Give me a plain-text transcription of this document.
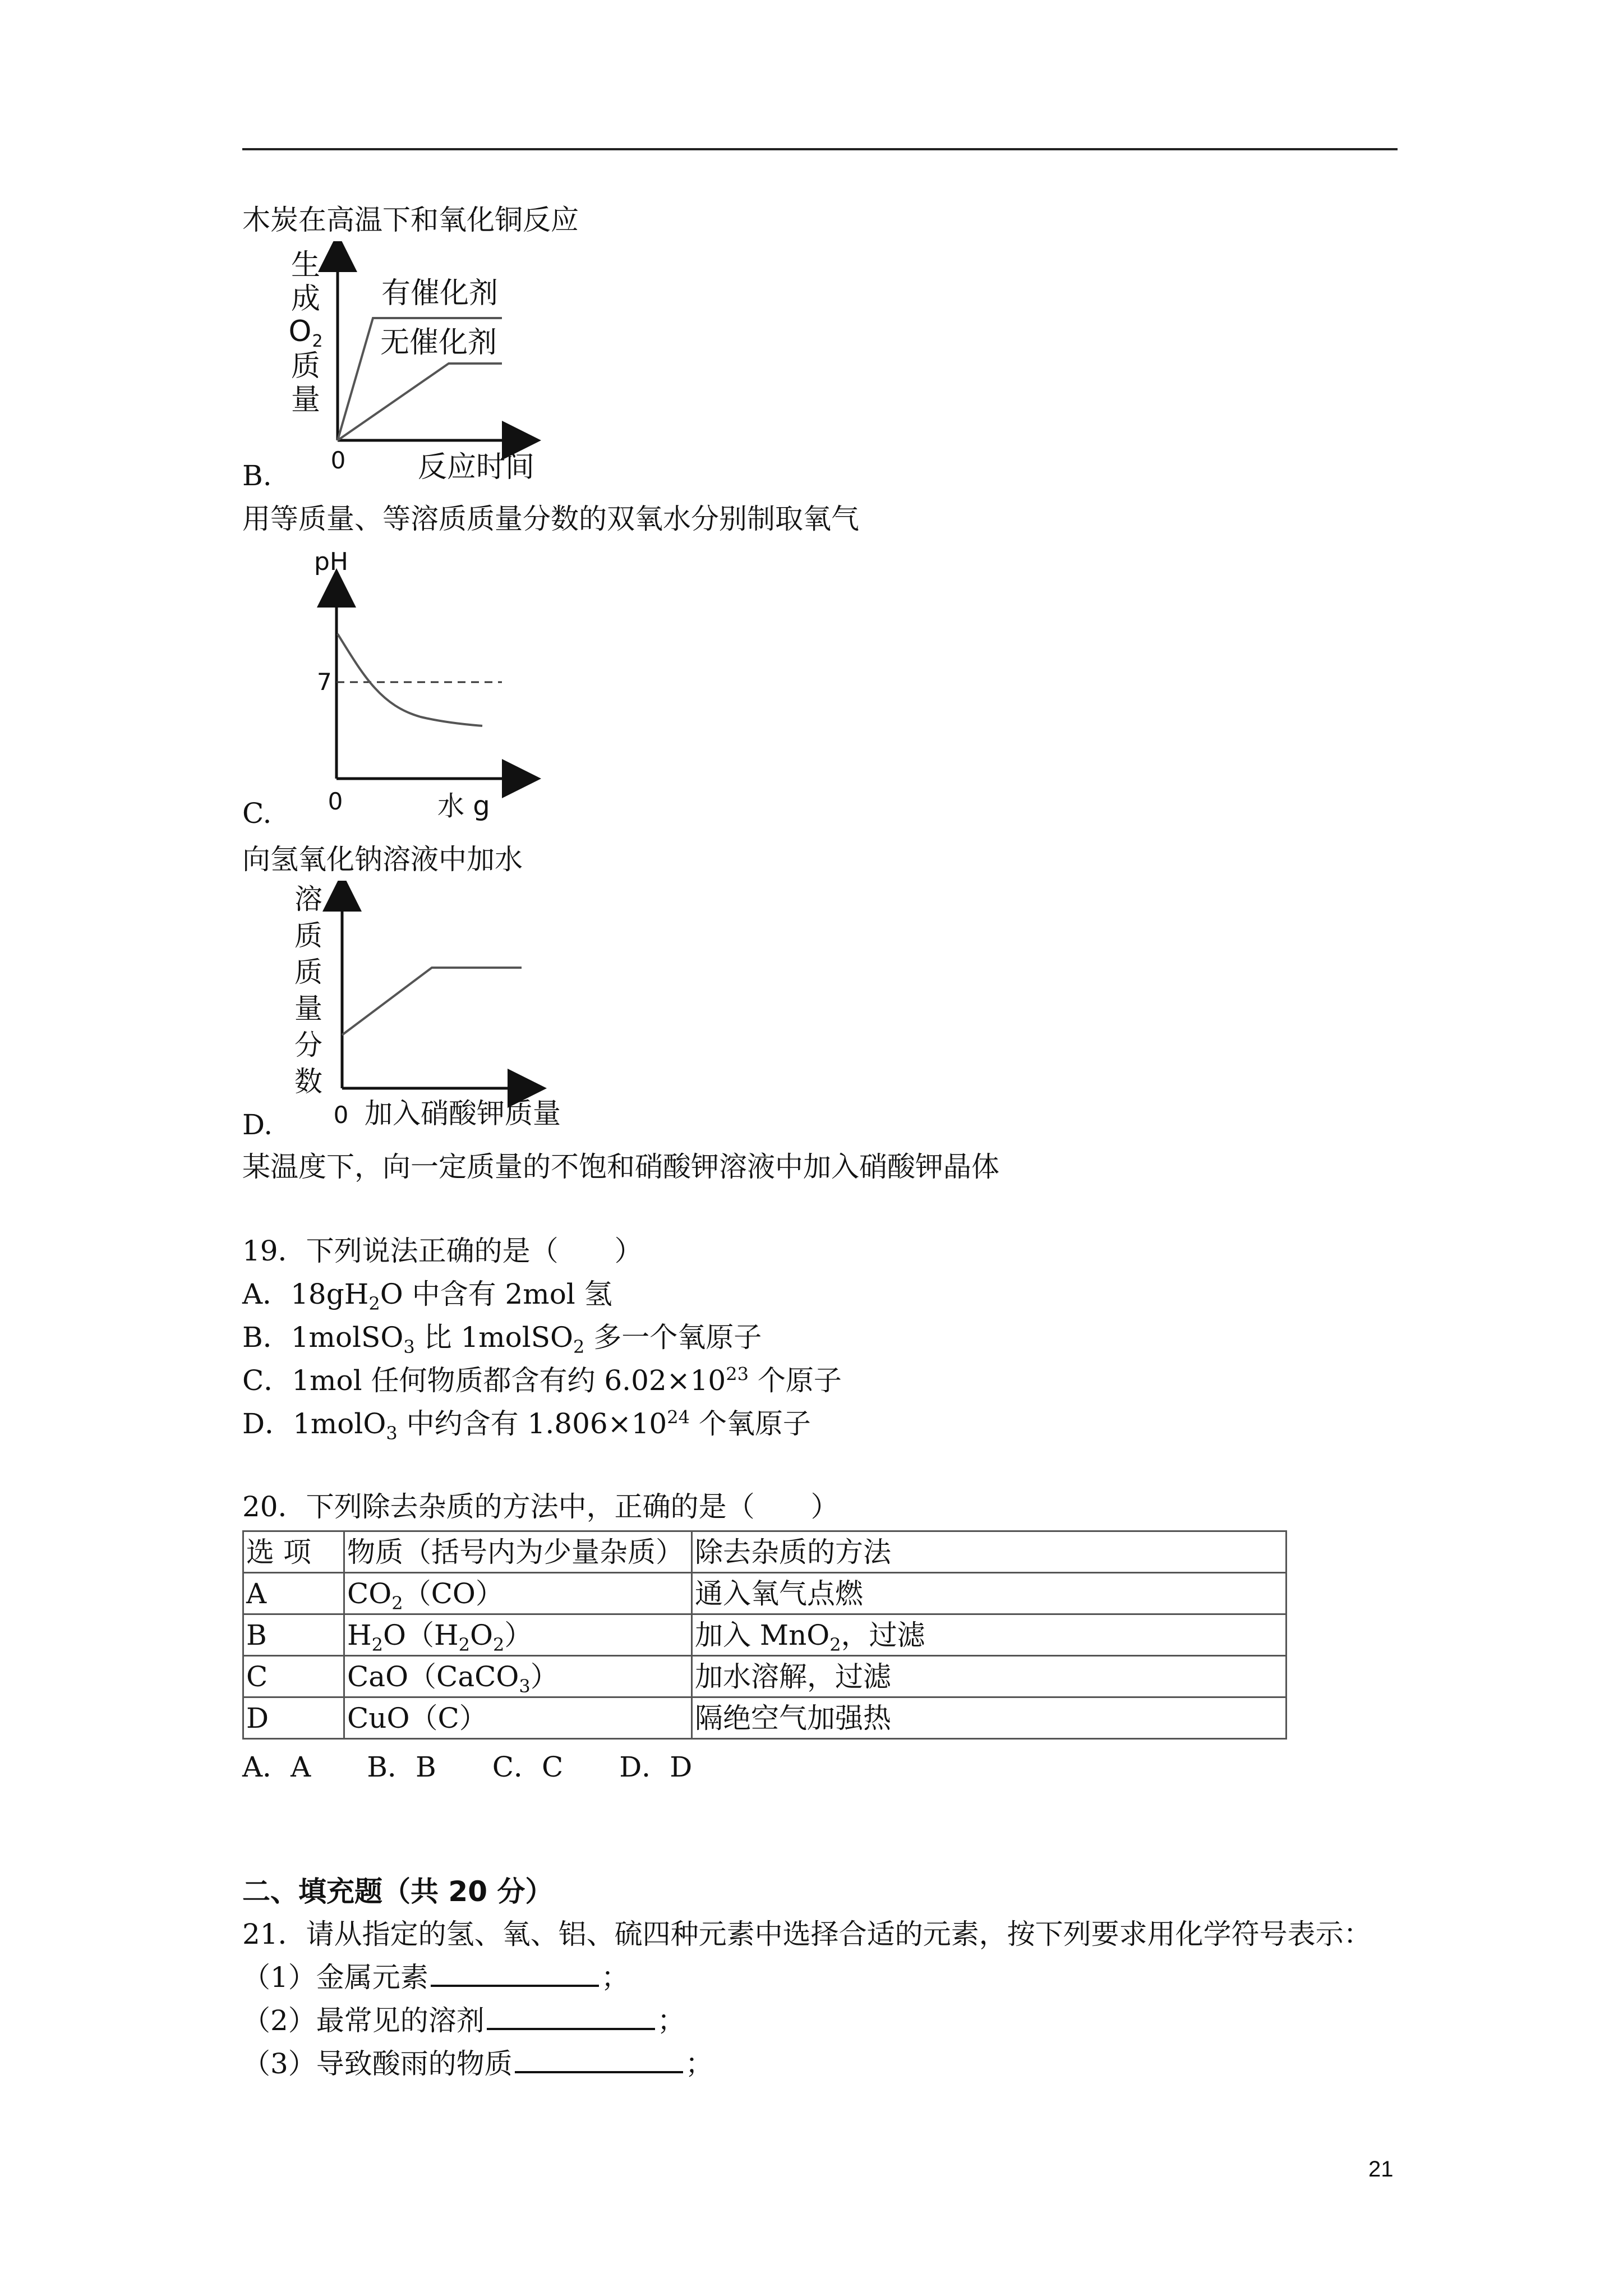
木炭在高温下和氧化铜反应
生
成
O 2
质
量
有催化剂
无催化剂
0 反应时间
B.
用等质量、等溶质质量分数的双氧水分别制取氧气
pH
7
0	水 g
C.
向氢氧化钠溶液中加水
溶
质
质
量
分
数
0 加入硝酸钾质量
D.
某温度下，向一定质量的不饱和硝酸钾溶液中加入硝酸钾晶体
19．下列说法正确的是（　　）
A．$18gH_2O$ 中含有 2mol 氢
B．1molSO$_3$ 比 1molSO$_2$ 多一个氧原子
C．1mol 任何物质都含有约 $6.02\times 10^{23}$ 个原子
D．1molO$_3$ 中约含有 $1.806\times 10^{24}$ 个氧原子
20．下列除去杂质的方法中，正确的是（　　）
选 项	物质（括号内为少量杂质）	除去杂质的方法
A	$CO_2(CO)$	通入氧气点燃
B	$H_2O(H_2O_2)$	加入 MnO$_2$，过滤
C	CaO（CaCO$_3$）	加水溶解，过滤
D	CuO（C）	隔绝空气加强热
A．A　　B．B　　C．C　　D．D
二、填充题（共 20 分）
21．请从指定的氢、氧、铝、硫四种元素中选择合适的元素，按下列要求用化学符号表示：
（1）金属元素	；
（2）最常见的溶剂	；
（3）导致酸雨的物质	；
21
